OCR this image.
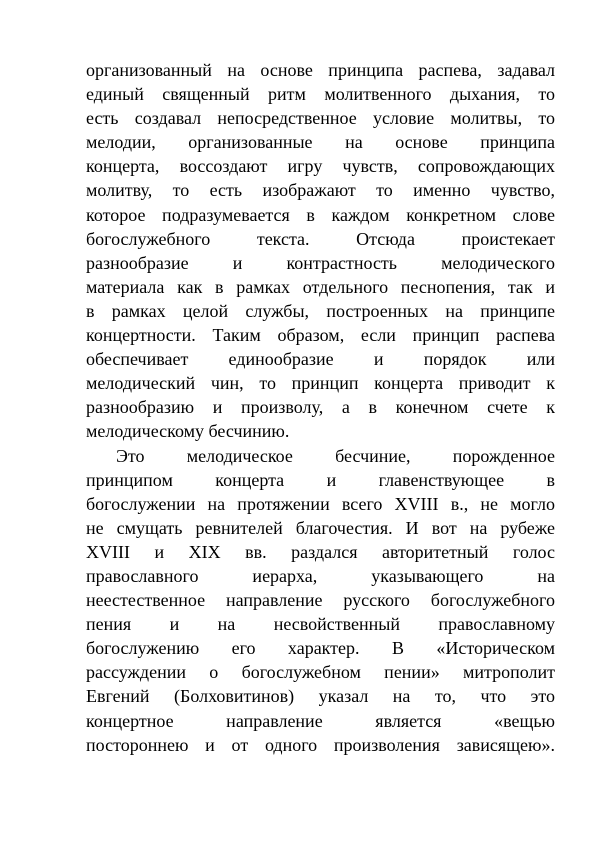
организованный на основе принципа распева, задавал
единый священный ритм молитвенного дыхания, то
есть создавал непосредственное условие молитвы, то
мелодии, организованные на основе принципа
концерта, воссоздают игру чувств, сопровождающих
молитву, то есть изображают то именно чувство,
которое подразумевается в каждом конкретном слове
богослужебного текста. Отсюда проистекает
разнообразие и контрастность мелодического
материала как в рамках отдельного песнопения, так и
в рамках целой службы, построенных на принципе
концертности. Таким образом, если принцип распева
обеспечивает единообразие и порядок или
мелодический чин, то принцип концерта приводит к
разнообразию и произволу, а в конечном счете к
мелодическому бесчинию.
Это мелодическое бесчиние, порожденное
принципом концерта и главенствующее в
богослужении на протяжении всего XVIII в., не могло
не смущать ревнителей благочестия. И вот на рубеже
XVIII и XIX вв. раздался авторитетный голос
православного иерарха, указывающего на
неестественное направление русского богослужебного
пения и на несвойственный православному
богослужению его характер. В «Историческом
рассуждении о богослужебном пении» митрополит
Евгений (Болховитинов) указал на то, что это
концертное направление является «вещью
постороннею и от одного произволения зависящею».
